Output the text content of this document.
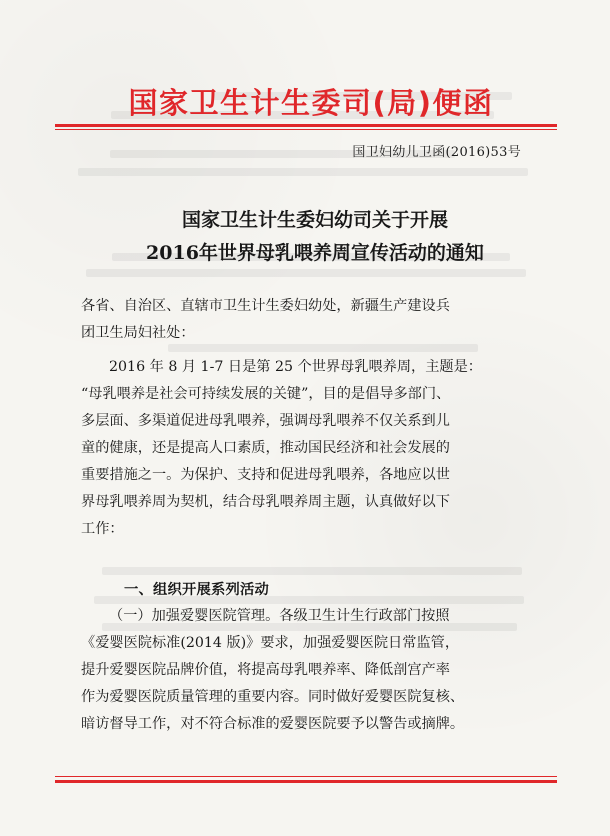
国家卫生计生委司(局)便函
国卫妇幼儿卫函(2016)53号
国家卫生计生委妇幼司关于开展
2016年世界母乳喂养周宣传活动的通知
各省、自治区、直辖市卫生计生委妇幼处，新疆生产建设兵
团卫生局妇社处：
2016 年 8 月 1-7 日是第 25 个世界母乳喂养周，主题是：
“母乳喂养是社会可持续发展的关键”，目的是倡导多部门、
多层面、多渠道促进母乳喂养，强调母乳喂养不仅关系到儿
童的健康，还是提高人口素质，推动国民经济和社会发展的
重要措施之一。为保护、支持和促进母乳喂养，各地应以世
界母乳喂养周为契机，结合母乳喂养周主题，认真做好以下
工作：
一、组织开展系列活动
（一）加强爱婴医院管理。各级卫生计生行政部门按照
《爱婴医院标准(2014 版)》要求，加强爱婴医院日常监管，
提升爱婴医院品牌价值，将提高母乳喂养率、降低剖宫产率
作为爱婴医院质量管理的重要内容。同时做好爱婴医院复核、
暗访督导工作，对不符合标准的爱婴医院要予以警告或摘牌。
